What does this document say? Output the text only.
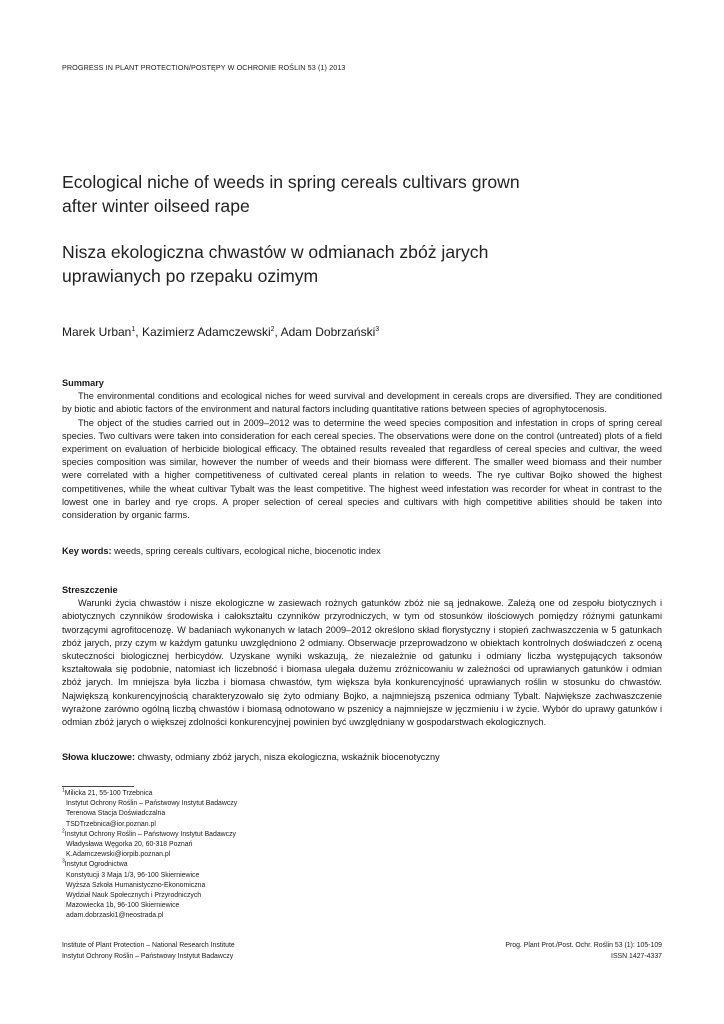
PROGRESS IN PLANT PROTECTION/POSTĘPY W OCHRONIE ROŚLIN 53 (1) 2013
Ecological niche of weeds in spring cereals cultivars grown
after winter oilseed rape
Nisza ekologiczna chwastów w odmianach zbóż jarych
uprawianych po rzepaku ozimym
Marek Urban$^1$, Kazimierz Adamczewski$^2$, Adam Dobrzański$^3$
Summary

The environmental conditions and ecological niches for weed survival and development in cereals crops are diversified. They are conditioned by biotic and abiotic factors of the environment and natural factors including quantitative rations between species of agrophytocenosis.

The object of the studies carried out in 2009–2012 was to determine the weed species composition and infestation in crops of spring cereal species. Two cultivars were taken into consideration for each cereal species. The observations were done on the control (untreated) plots of a field experiment on evaluation of herbicide biological efficacy. The obtained results revealed that regardless of cereal species and cultivar, the weed species composition was similar, however the number of weeds and their biomass were different. The smaller weed biomass and their number were correlated with a higher competitiveness of cultivated cereal plants in relation to weeds. The rye cultivar Bojko showed the highest competitivenes, while the wheat cultivar Tybalt was the least competitive. The highest weed infestation was recorder for wheat in contrast to the lowest one in barley and rye crops. A proper selection of cereal species and cultivars with high competitive abilities should be taken into consideration by organic farms.

Key words: weeds, spring cereals cultivars, ecological niche, biocenotic index
Streszczenie

Warunki życia chwastów i nisze ekologiczne w zasiewach rożnych gatunków zbóż nie są jednakowe. Zależą one od zespołu biotycznych i abiotycznych czynników środowiska i całokształtu czynników przyrodniczych, w tym od stosunków ilościowych pomiędzy różnymi gatunkami tworzącymi agrofitocenozę. W badaniach wykonanych w latach 2009–2012 określono skład florystyczny i stopień zachwaszczenia w 5 gatunkach zbóż jarych, przy czym w każdym gatunku uwzględniono 2 odmiany. Obserwacje przeprowadzono w obiektach kontrolnych doświadczeń z oceną skuteczności biologicznej herbicydów. Uzyskane wyniki wskazują, że niezależnie od gatunku i odmiany liczba występujących taksonów kształtowała się podobnie, natomiast ich liczebność i biomasa ulegała dużemu zróżnicowaniu w zależności od uprawianych gatunków i odmian zbóż jarych. Im mniejsza była liczba i biomasa chwastów, tym większa była konkurencyjność uprawianych roślin w stosunku do chwastów. Największą konkurencyjnością charakteryzowało się żyto odmiany Bojko, a najmniejszą pszenica odmiany Tybalt. Największe zachwaszczenie wyrażone zarówno ogólną liczbą chwastów i biomasą odnotowano w pszenicy a najmniejsze w jęczmieniu i w życie. Wybór do uprawy gatunków i odmian zbóż jarych o większej zdolności konkurencyjnej powinien być uwzględniany w gospodarstwach ekologicznych.

Słowa kluczowe: chwasty, odmiany zbóż jarych, nisza ekologiczna, wskaźnik biocenotyczny
$^1$Milicka 21, 55-100 Trzebnica
Instytut Ochrony Roślin – Państwowy Instytut Badawczy
Terenowa Stacja Doświadczalna
TSDTrzebnica@ior.poznan.pl
$^2$Instytut Ochrony Roślin – Państwowy Instytut Badawczy
Władysława Węgorka 20, 60-318 Poznań
K.Adamczewski@iorpib.poznan.pl
$^3$Instytut Ogrodnictwa
Konstytucji 3 Maja 1/3, 96-100 Skierniewice
Wyższa Szkoła Humanistyczno-Ekonomiczna
Wydział Nauk Społecznych i Przyrodniczych
Mazowiecka 1b, 96-100 Skierniewice
adam.dobrzaski1@neostrada.pl
Institute of Plant Protection – National Research Institute
Instytut Ochrony Roślin – Państwowy Instytut Badawczy
Prog. Plant Prot./Post. Ochr. Roślin 53 (1): 105-109
ISSN 1427-4337
